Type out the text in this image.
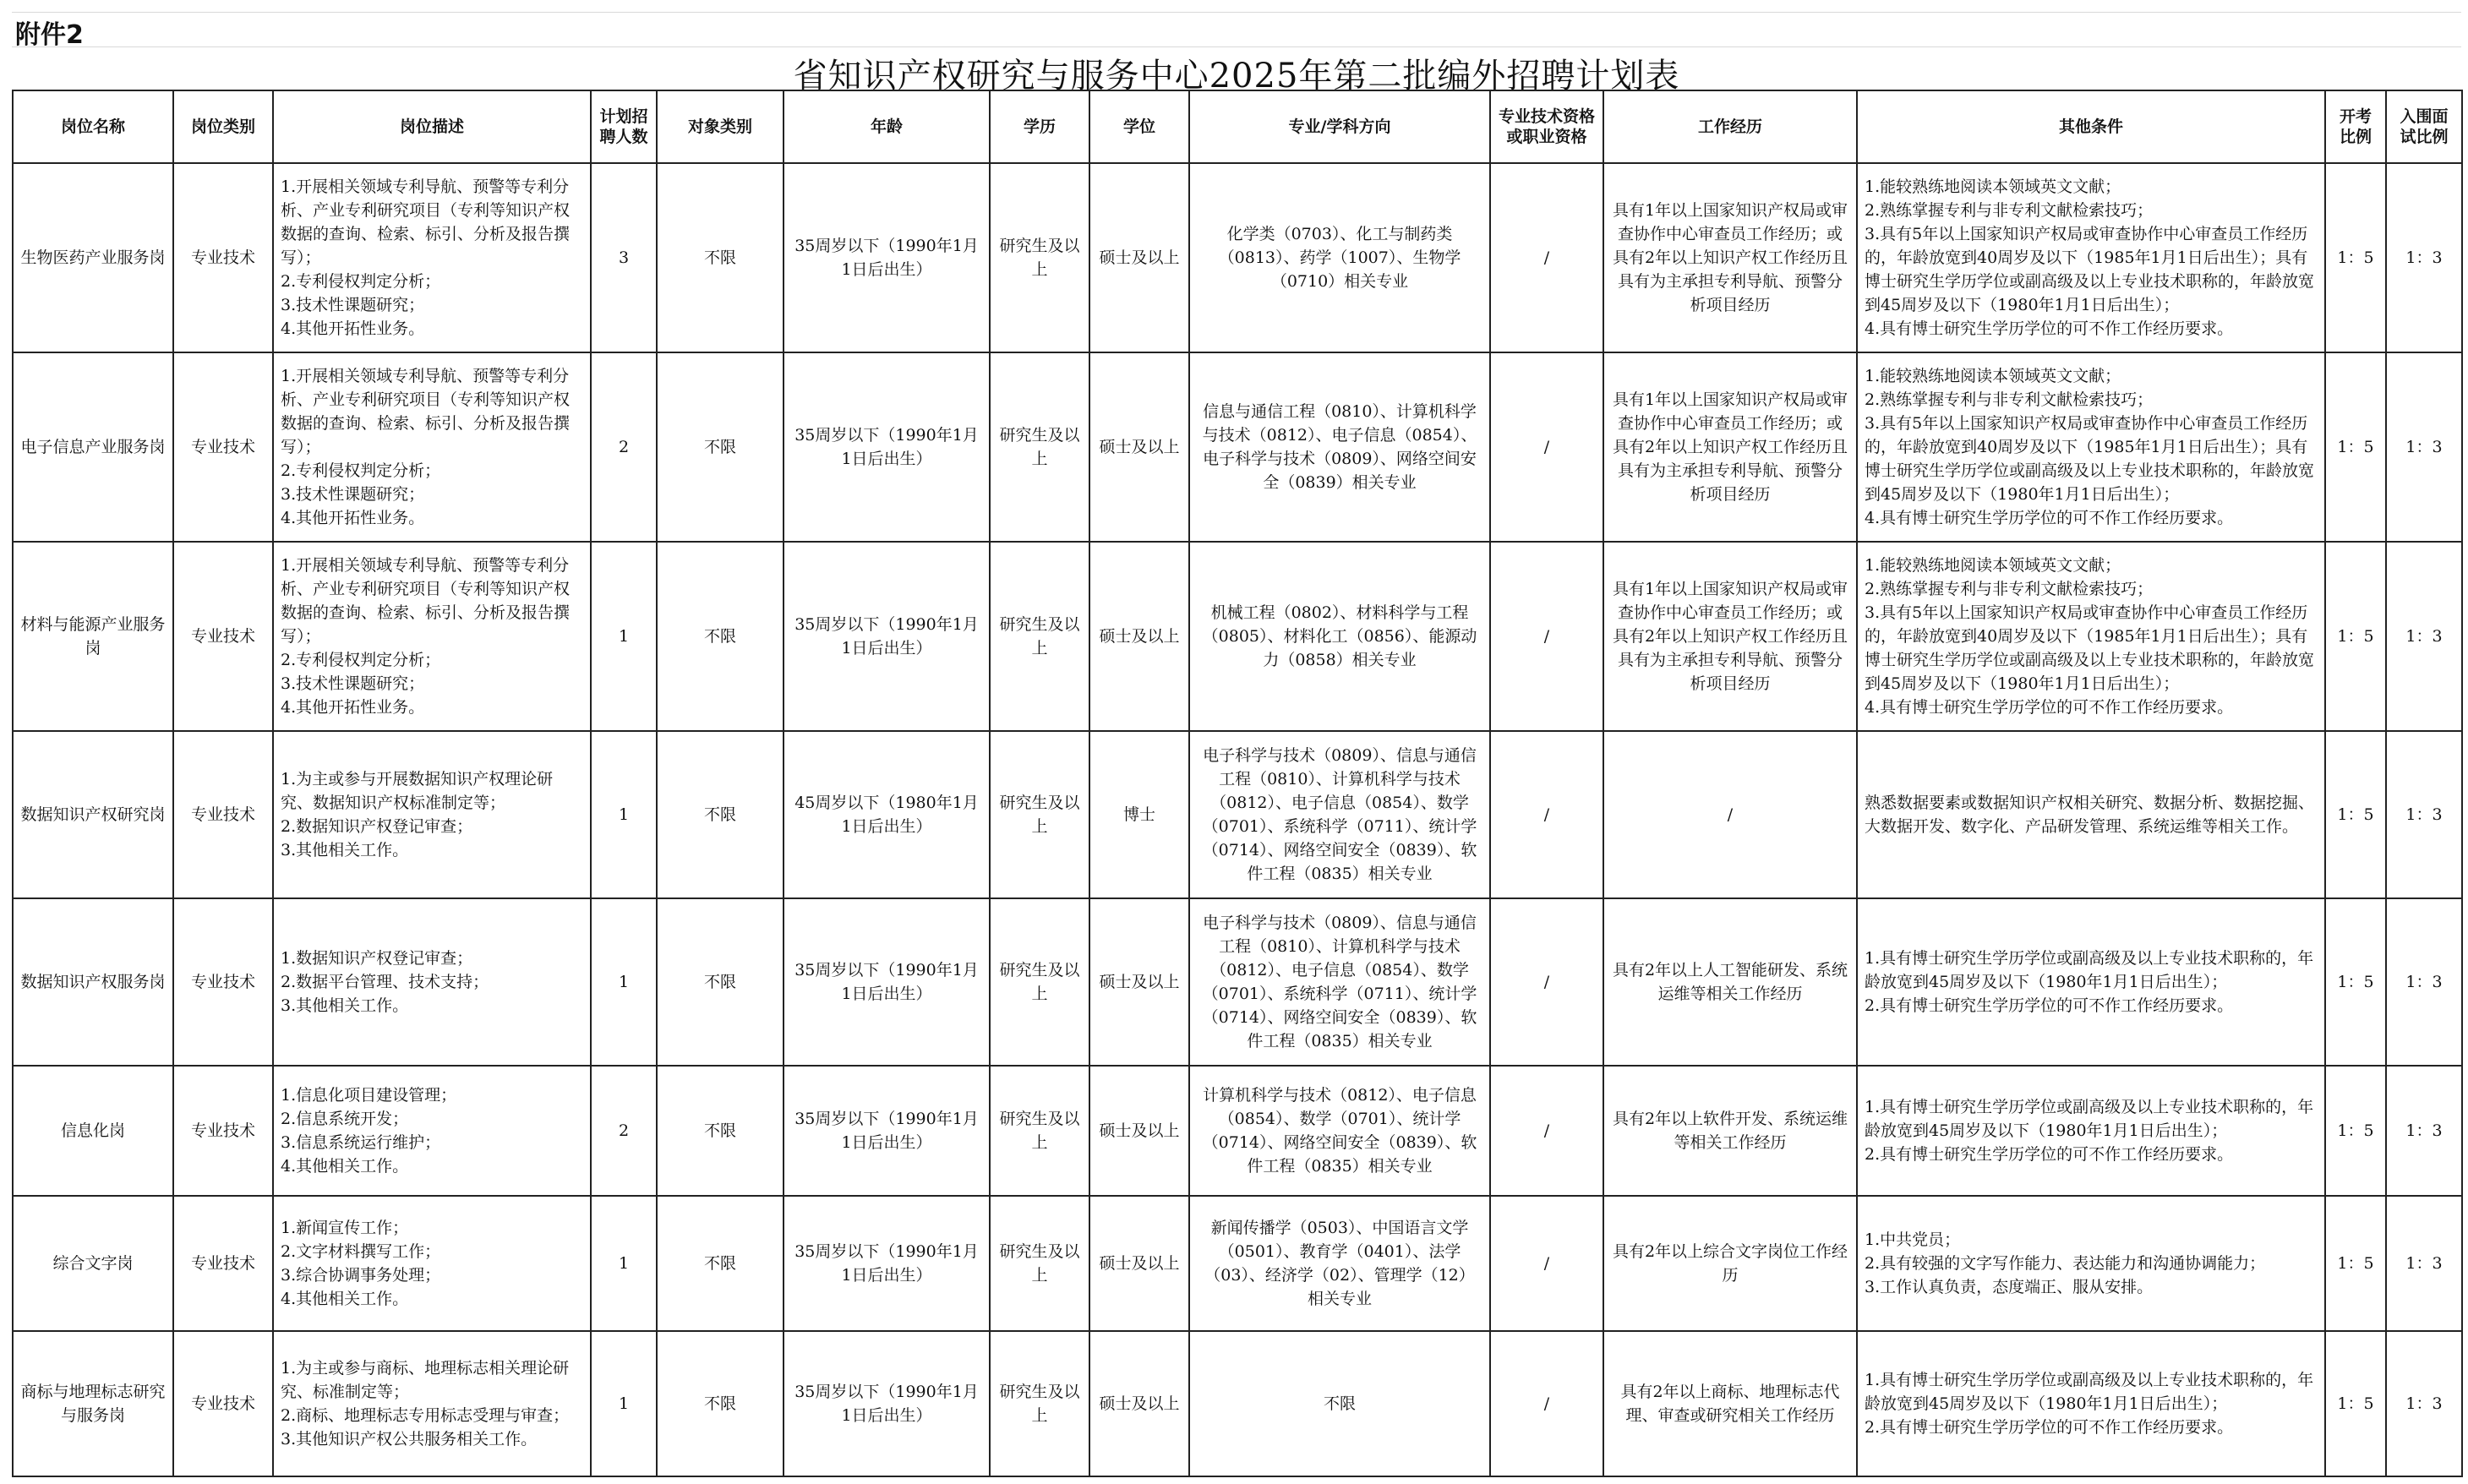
附件2
省知识产权研究与服务中心2025年第二批编外招聘计划表
岗位名称	岗位类别	岗位描述	计划招聘人数	对象类别	年龄	学历	学位	专业/学科方向	专业技术资格或职业资格	工作经历	其他条件	开考比例	入围面试比例
生物医药产业服务岗	专业技术	1.开展相关领域专利导航、预警等专利分析、产业专利研究项目（专利等知识产权数据的查询、检索、标引、分析及报告撰写）；
2.专利侵权判定分析；
3.技术性课题研究；
4.其他开拓性业务。	3	不限	35周岁以下（1990年1月1日后出生）	研究生及以上	硕士及以上	化学类（0703）、化工与制药类（0813）、药学（1007）、生物学（0710）相关专业	/	具有1年以上国家知识产权局或审查协作中心审查员工作经历；或具有2年以上知识产权工作经历且具有为主承担专利导航、预警分析项目经历	1.能较熟练地阅读本领域英文文献；
2.熟练掌握专利与非专利文献检索技巧；
3.具有5年以上国家知识产权局或审查协作中心审查员工作经历的，年龄放宽到40周岁及以下（1985年1月1日后出生）；具有博士研究生学历学位或副高级及以上专业技术职称的，年龄放宽到45周岁及以下（1980年1月1日后出生）；
4.具有博士研究生学历学位的可不作工作经历要求。	1：5	1：3
电子信息产业服务岗	专业技术	1.开展相关领域专利导航、预警等专利分析、产业专利研究项目（专利等知识产权数据的查询、检索、标引、分析及报告撰写）；
2.专利侵权判定分析；
3.技术性课题研究；
4.其他开拓性业务。	2	不限	35周岁以下（1990年1月1日后出生）	研究生及以上	硕士及以上	信息与通信工程（0810）、计算机科学与技术（0812）、电子信息（0854）、电子科学与技术（0809）、网络空间安全（0839）相关专业	/	具有1年以上国家知识产权局或审查协作中心审查员工作经历；或具有2年以上知识产权工作经历且具有为主承担专利导航、预警分析项目经历	1.能较熟练地阅读本领域英文文献；
2.熟练掌握专利与非专利文献检索技巧；
3.具有5年以上国家知识产权局或审查协作中心审查员工作经历的，年龄放宽到40周岁及以下（1985年1月1日后出生）；具有博士研究生学历学位或副高级及以上专业技术职称的，年龄放宽到45周岁及以下（1980年1月1日后出生）；
4.具有博士研究生学历学位的可不作工作经历要求。	1：5	1：3
材料与能源产业服务岗	专业技术	1.开展相关领域专利导航、预警等专利分析、产业专利研究项目（专利等知识产权数据的查询、检索、标引、分析及报告撰写）；
2.专利侵权判定分析；
3.技术性课题研究；
4.其他开拓性业务。	1	不限	35周岁以下（1990年1月1日后出生）	研究生及以上	硕士及以上	机械工程（0802）、材料科学与工程（0805）、材料化工（0856）、能源动力（0858）相关专业	/	具有1年以上国家知识产权局或审查协作中心审查员工作经历；或具有2年以上知识产权工作经历且具有为主承担专利导航、预警分析项目经历	1.能较熟练地阅读本领域英文文献；
2.熟练掌握专利与非专利文献检索技巧；
3.具有5年以上国家知识产权局或审查协作中心审查员工作经历的，年龄放宽到40周岁及以下（1985年1月1日后出生）；具有博士研究生学历学位或副高级及以上专业技术职称的，年龄放宽到45周岁及以下（1980年1月1日后出生）；
4.具有博士研究生学历学位的可不作工作经历要求。	1：5	1：3
数据知识产权研究岗	专业技术	1.为主或参与开展数据知识产权理论研究、数据知识产权标准制定等；
2.数据知识产权登记审查；
3.其他相关工作。	1	不限	45周岁以下（1980年1月1日后出生）	研究生及以上	博士	电子科学与技术（0809）、信息与通信工程（0810）、计算机科学与技术（0812）、电子信息（0854）、数学（0701）、系统科学（0711）、统计学（0714）、网络空间安全（0839）、软件工程（0835）相关专业	/	/	熟悉数据要素或数据知识产权相关研究、数据分析、数据挖掘、大数据开发、数字化、产品研发管理、系统运维等相关工作。	1：5	1：3
数据知识产权服务岗	专业技术	1.数据知识产权登记审查；
2.数据平台管理、技术支持；
3.其他相关工作。	1	不限	35周岁以下（1990年1月1日后出生）	研究生及以上	硕士及以上	电子科学与技术（0809）、信息与通信工程（0810）、计算机科学与技术（0812）、电子信息（0854）、数学（0701）、系统科学（0711）、统计学（0714）、网络空间安全（0839）、软件工程（0835）相关专业	/	具有2年以上人工智能研发、系统运维等相关工作经历	1.具有博士研究生学历学位或副高级及以上专业技术职称的，年龄放宽到45周岁及以下（1980年1月1日后出生）；
2.具有博士研究生学历学位的可不作工作经历要求。	1：5	1：3
信息化岗	专业技术	1.信息化项目建设管理；
2.信息系统开发；
3.信息系统运行维护；
4.其他相关工作。	2	不限	35周岁以下（1990年1月1日后出生）	研究生及以上	硕士及以上	计算机科学与技术（0812）、电子信息（0854）、数学（0701）、统计学（0714）、网络空间安全（0839）、软件工程（0835）相关专业	/	具有2年以上软件开发、系统运维等相关工作经历	1.具有博士研究生学历学位或副高级及以上专业技术职称的，年龄放宽到45周岁及以下（1980年1月1日后出生）；
2.具有博士研究生学历学位的可不作工作经历要求。	1：5	1：3
综合文字岗	专业技术	1.新闻宣传工作；
2.文字材料撰写工作；
3.综合协调事务处理；
4.其他相关工作。	1	不限	35周岁以下（1990年1月1日后出生）	研究生及以上	硕士及以上	新闻传播学（0503）、中国语言文学（0501）、教育学（0401）、法学（03）、经济学（02）、管理学（12）相关专业	/	具有2年以上综合文字岗位工作经历	1.中共党员；
2.具有较强的文字写作能力、表达能力和沟通协调能力；
3.工作认真负责，态度端正、服从安排。	1：5	1：3
商标与地理标志研究与服务岗	专业技术	1.为主或参与商标、地理标志相关理论研究、标准制定等；
2.商标、地理标志专用标志受理与审查；
3.其他知识产权公共服务相关工作。	1	不限	35周岁以下（1990年1月1日后出生）	研究生及以上	硕士及以上	不限	/	具有2年以上商标、地理标志代理、审查或研究相关工作经历	1.具有博士研究生学历学位或副高级及以上专业技术职称的，年龄放宽到45周岁及以下（1980年1月1日后出生）；
2.具有博士研究生学历学位的可不作工作经历要求。	1：5	1：3
